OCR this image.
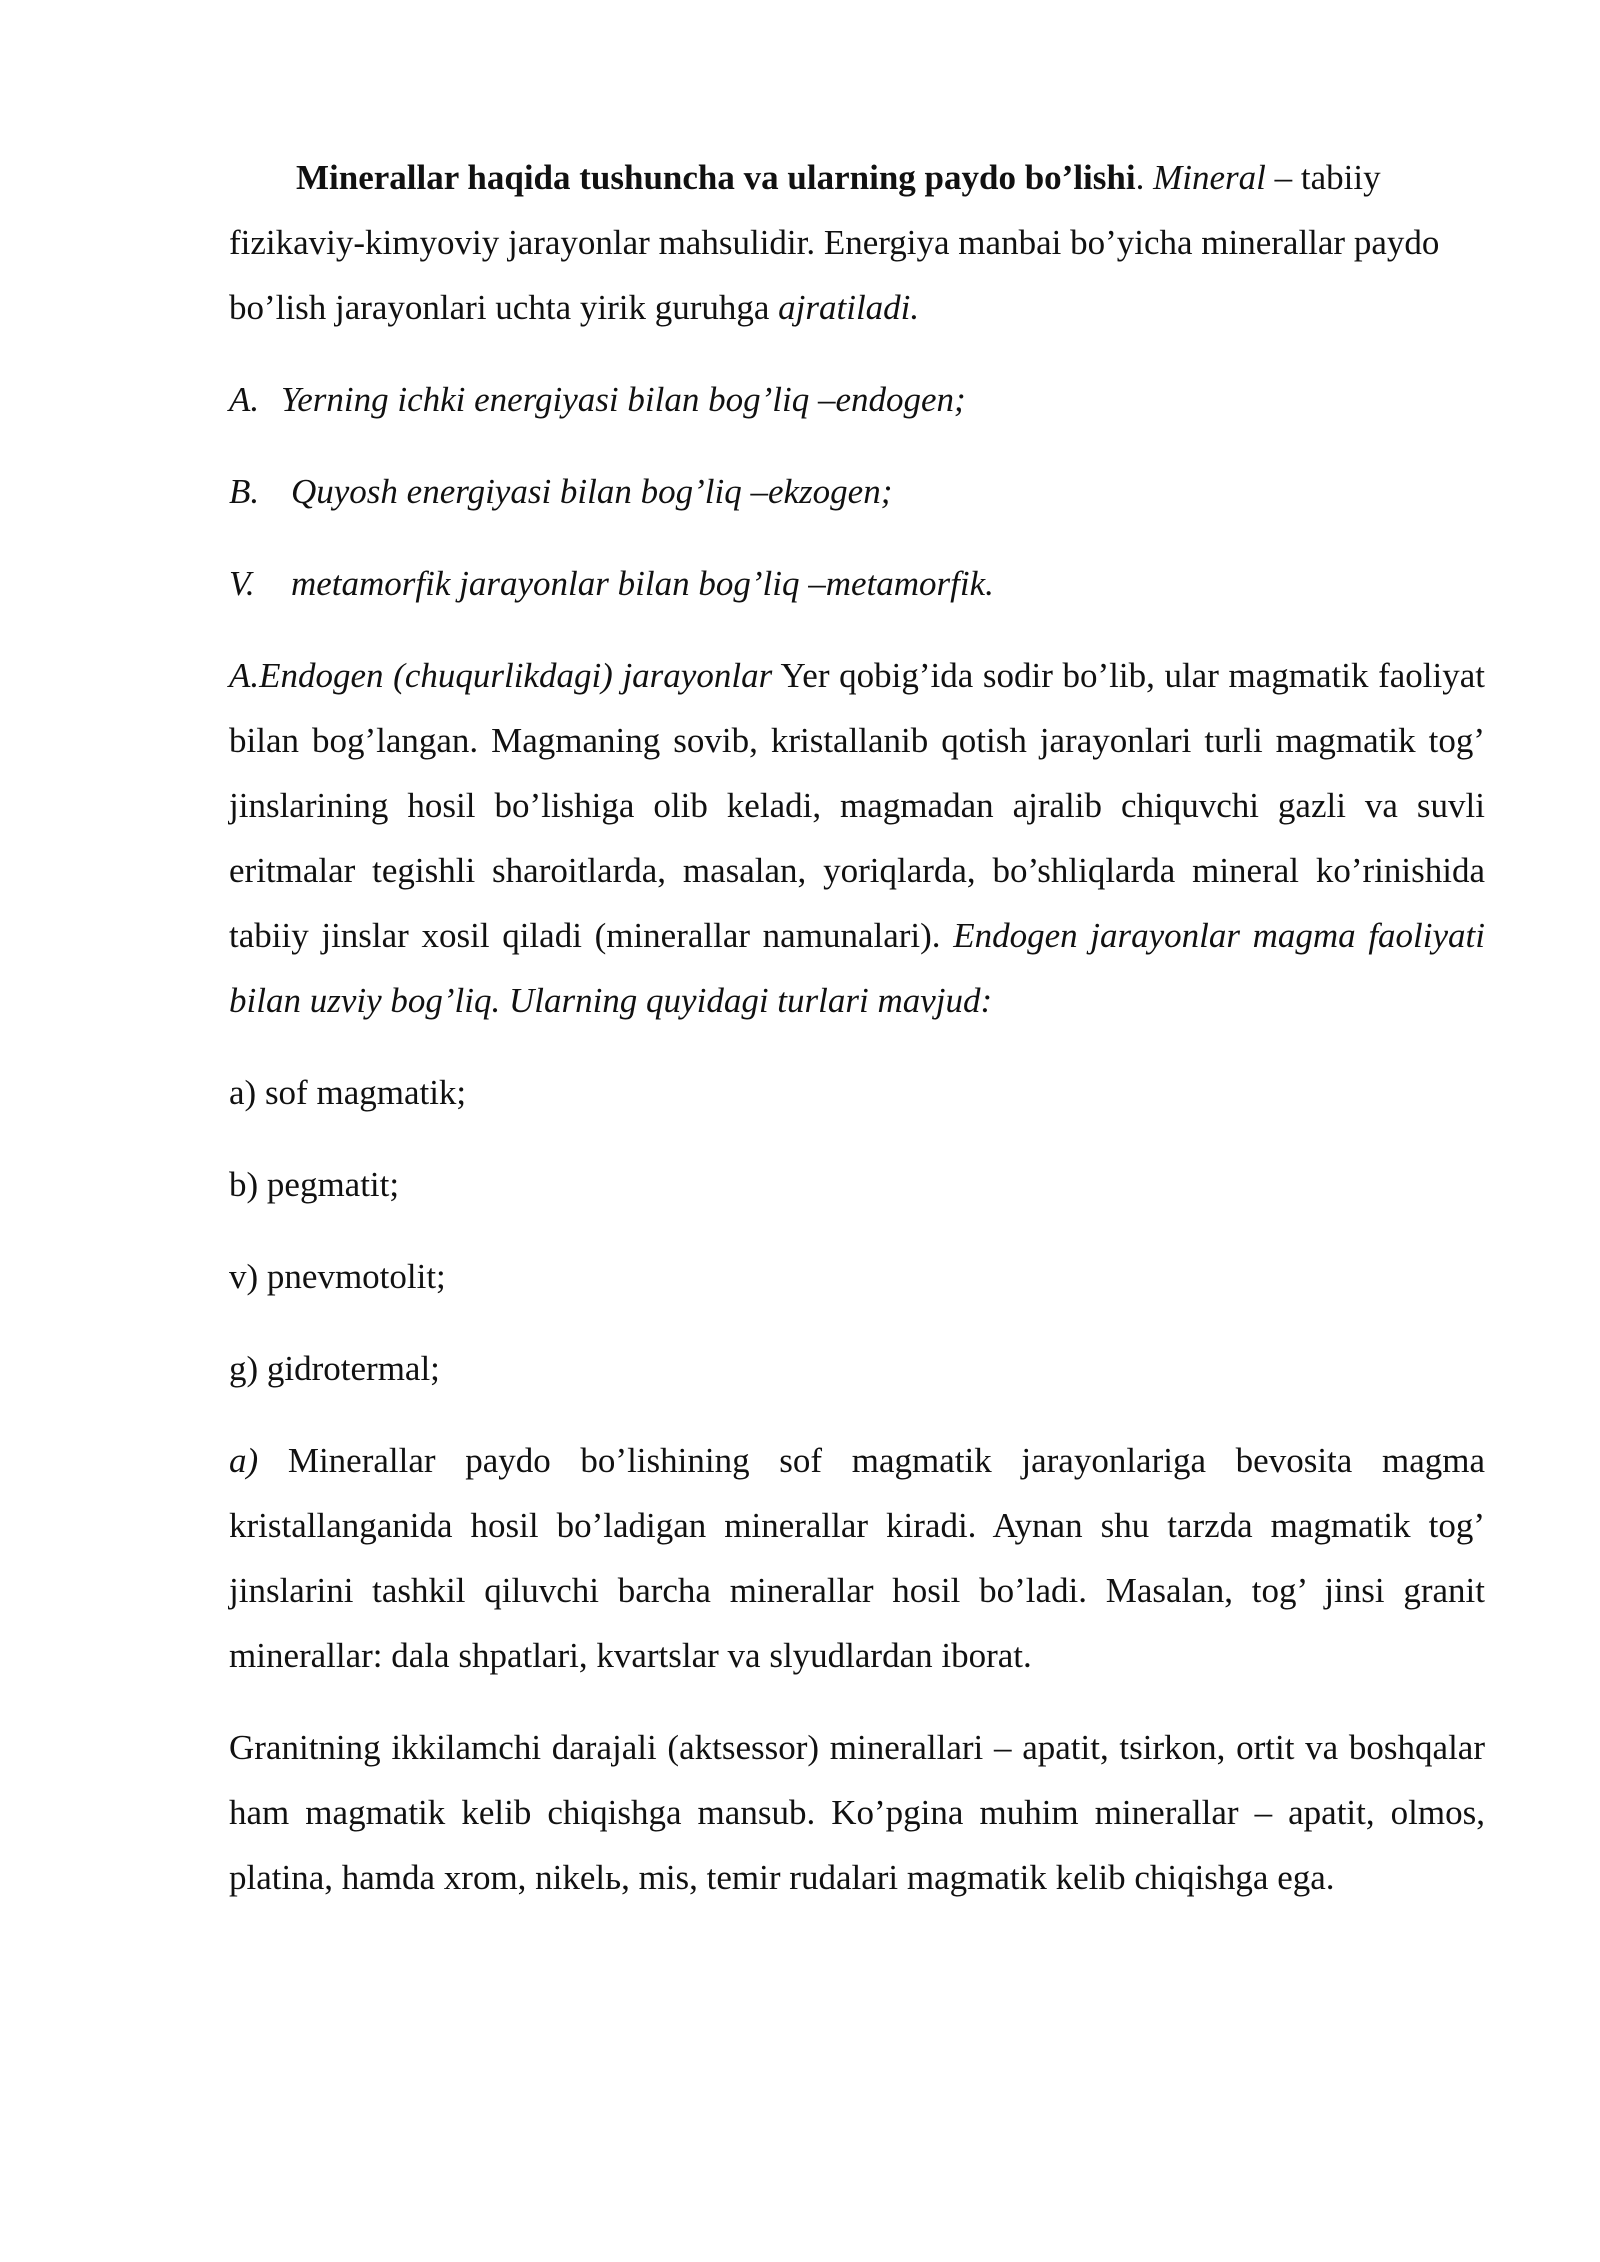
Minerallar haqida tushuncha va ularning paydo bo’lishi. Mineral – tabiiy fizikaviy-kimyoviy jarayonlar mahsulidir. Energiya manbai bo’yicha minerallar paydo bo’lish jarayonlari uchta yirik guruhga ajratiladi.

A. Yerning ichki energiyasi bilan bog’liq –endogen;

B. Quyosh energiyasi bilan bog’liq –ekzogen;

V. metamorfik jarayonlar bilan bog’liq –metamorfik.

A.Endogen (chuqurlikdagi) jarayonlar Yer qobig’ida sodir bo’lib, ular magmatik faoliyat bilan bog’langan. Magmaning sovib, kristallanib qotish jarayonlari turli magmatik tog’ jinslarining hosil bo’lishiga olib keladi, magmadan ajralib chiquvchi gazli va suvli eritmalar tegishli sharoitlarda, masalan, yoriqlarda, bo’shliqlarda mineral ko’rinishida tabiiy jinslar xosil qiladi (minerallar namunalari). Endogen jarayonlar magma faoliyati bilan uzviy bog’liq. Ularning quyidagi turlari mavjud:

a) sof magmatik;

b) pegmatit;

v) pnevmotolit;

g) gidrotermal;

a) Minerallar paydo bo’lishining sof magmatik jarayonlariga bevosita magma kristallanganida hosil bo’ladigan minerallar kiradi. Aynan shu tarzda magmatik tog’ jinslarini tashkil qiluvchi barcha minerallar hosil bo’ladi. Masalan, tog’ jinsi granit minerallar: dala shpatlari, kvartslar va slyudlardan iborat.

Granitning ikkilamchi darajali (aktsessor) minerallari – apatit, tsirkon, ortit va boshqalar ham magmatik kelib chiqishga mansub. Ko’pgina muhim minerallar – apatit, olmos, platina, hamda xrom, nikelь, mis, temir rudalari magmatik kelib chiqishga ega.
